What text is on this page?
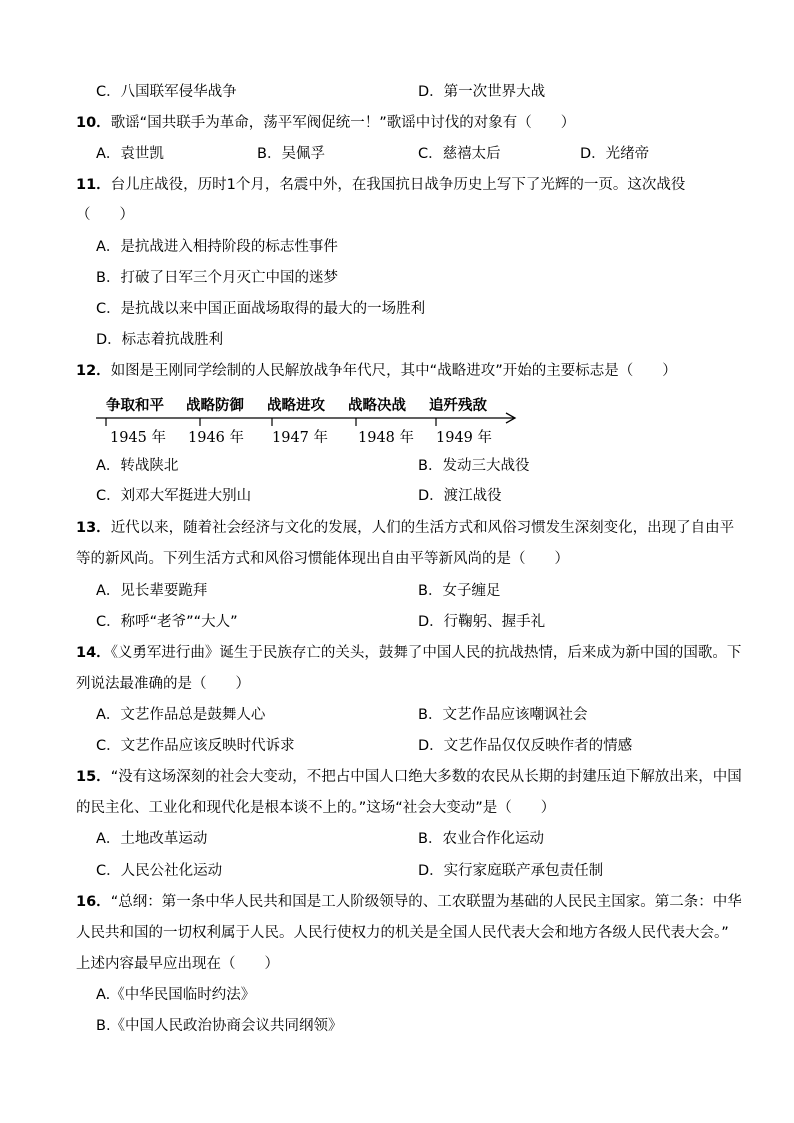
C．八国联军侵华战争	D．第一次世界大战
10．歌谣“国共联手为革命，荡平军阀促统一！”歌谣中讨伐的对象有（　　）
A．袁世凯	B．吴佩孚	C．慈禧太后	D．光绪帝
11．台儿庄战役，历时1个月，名震中外，在我国抗日战争历史上写下了光辉的一页。这次战役
（　　）
A．是抗战进入相持阶段的标志性事件
B．打破了日军三个月灭亡中国的迷梦
C．是抗战以来中国正面战场取得的最大的一场胜利
D．标志着抗战胜利
12．如图是王刚同学绘制的人民解放战争年代尺，其中“战略进攻”开始的主要标志是（　　）
争取和平 战略防御 战略进攻 战略决战 追歼残敌
1945 年 1946 年 1947 年 1948 年 1949 年
A．转战陕北	B．发动三大战役
C．刘邓大军挺进大别山	D．渡江战役
13．近代以来，随着社会经济与文化的发展，人们的生活方式和风俗习惯发生深刻变化，出现了自由平
等的新风尚。下列生活方式和风俗习惯能体现出自由平等新风尚的是（　　）
A．见长辈要跪拜	B．女子缠足
C．称呼“老爷”“大人”	D．行鞠躬、握手礼
14．《义勇军进行曲》诞生于民族存亡的关头，鼓舞了中国人民的抗战热情，后来成为新中国的国歌。下
列说法最准确的是（　　）
A．文艺作品总是鼓舞人心	B．文艺作品应该嘲讽社会
C．文艺作品应该反映时代诉求	D．文艺作品仅仅反映作者的情感
15．“没有这场深刻的社会大变动，不把占中国人口绝大多数的农民从长期的封建压迫下解放出来，中国
的民主化、工业化和现代化是根本谈不上的。”这场“社会大变动”是（　　）
A．土地改革运动	B．农业合作化运动
C．人民公社化运动	D．实行家庭联产承包责任制
16．“总纲：第一条中华人民共和国是工人阶级领导的、工农联盟为基础的人民民主国家。第二条：中华
人民共和国的一切权利属于人民。人民行使权力的机关是全国人民代表大会和地方各级人民代表大会。”
上述内容最早应出现在（　　）
A.《中华民国临时约法》
B.《中国人民政治协商会议共同纲领》
